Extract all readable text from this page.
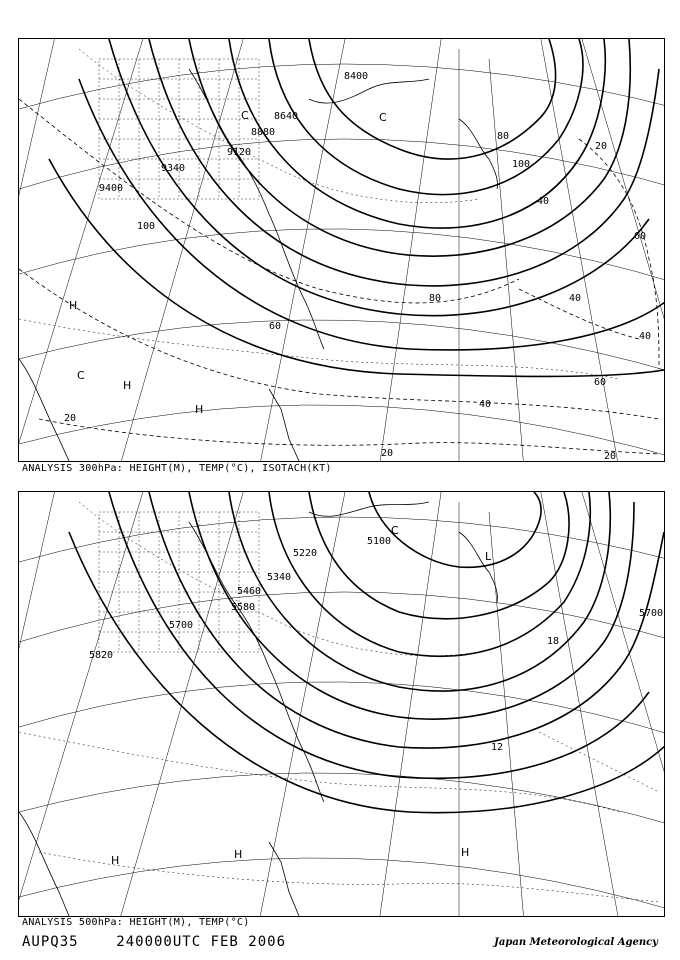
8400
8640
8880
9120
9340
9400
20
40
60
80
100
100
20
40
60
40
60
80
20	20
40
H
C
H
H
C	C
ANALYSIS 300hPa: HEIGHT(M), TEMP(°C), ISOTACH(KT)
5100
5220
5340
5460
5580
5700
5820
5700
12
18
C
L
H	H	H
ANALYSIS 500hPa: HEIGHT(M), TEMP(°C)
AUPQ35    240000UTC FEB 2006	Japan Meteorological Agency
